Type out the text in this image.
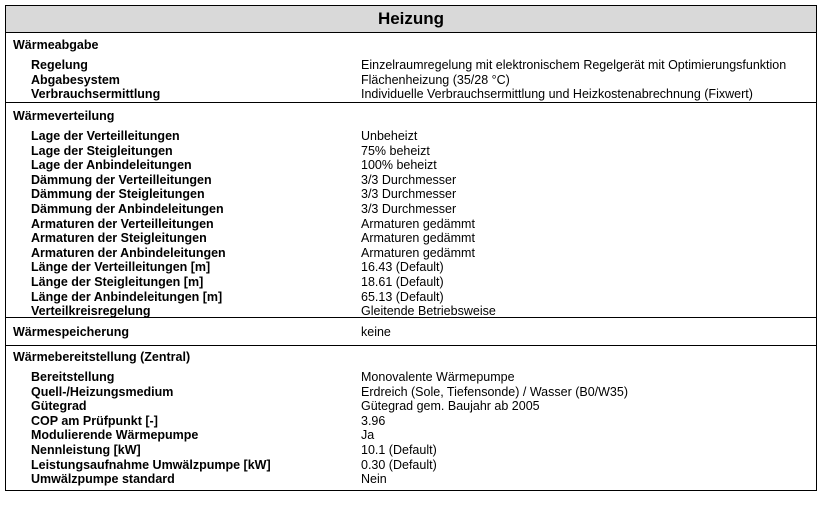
Heizung
Wärmeabgabe
Regelung	Einzelraumregelung mit elektronischem Regelgerät mit Optimierungsfunktion
Abgabesystem	Flächenheizung (35/28 °C)
Verbrauchsermittlung	Individuelle Verbrauchsermittlung und Heizkostenabrechnung (Fixwert)
Wärmeverteilung
Lage der Verteilleitungen	Unbeheizt
Lage der Steigleitungen	75% beheizt
Lage der Anbindeleitungen	100% beheizt
Dämmung der Verteilleitungen	3/3 Durchmesser
Dämmung der Steigleitungen	3/3 Durchmesser
Dämmung der Anbindeleitungen	3/3 Durchmesser
Armaturen der Verteilleitungen	Armaturen gedämmt
Armaturen der Steigleitungen	Armaturen gedämmt
Armaturen der Anbindeleitungen	Armaturen gedämmt
Länge der Verteilleitungen [m]	16.43 (Default)
Länge der Steigleitungen [m]	18.61 (Default)
Länge der Anbindeleitungen [m]	65.13 (Default)
Verteilkreisregelung	Gleitende Betriebsweise
Wärmespeicherung	keine
Wärmebereitstellung (Zentral)
Bereitstellung	Monovalente Wärmepumpe
Quell-/Heizungsmedium	Erdreich (Sole, Tiefensonde) / Wasser (B0/W35)
Gütegrad	Gütegrad gem. Baujahr ab 2005
COP am Prüfpunkt [-]	3.96
Modulierende Wärmepumpe	Ja
Nennleistung [kW]	10.1 (Default)
Leistungsaufnahme Umwälzpumpe [kW]	0.30 (Default)
Umwälzpumpe standard	Nein
